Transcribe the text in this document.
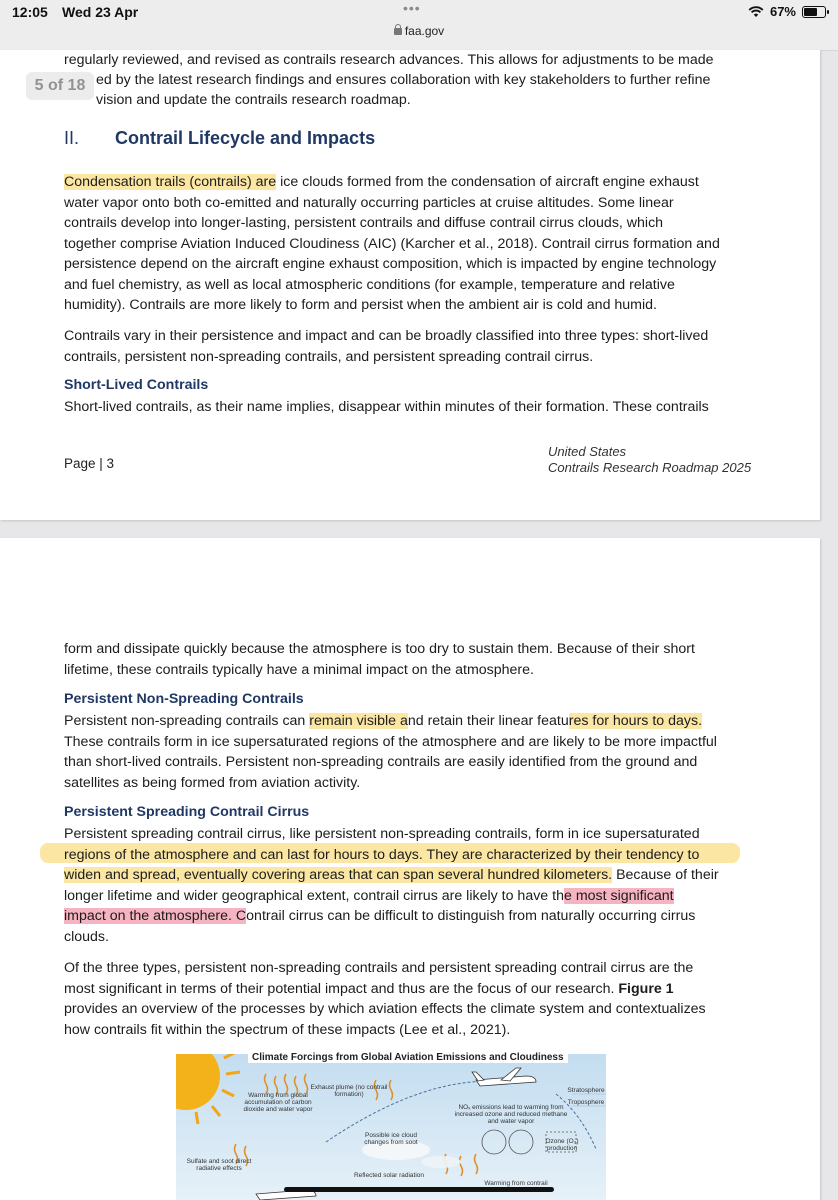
12:05 Wed 23 Apr	•••
faa.gov
67%

regularly reviewed, and revised as contrails research advances. This allows for adjustments to be made

ed by the latest research findings and ensures collaboration with key stakeholders to further refine

vision and update the contrails research roadmap.

5 of 18
II. Contrail Lifecycle and Impacts

Condensation trails (contrails) are ice clouds formed from the condensation of aircraft engine exhaust

water vapor onto both co-emitted and naturally occurring particles at cruise altitudes. Some linear

contrails develop into longer-lasting, persistent contrails and diffuse contrail cirrus clouds, which

together comprise Aviation Induced Cloudiness (AIC) (Karcher et al., 2018). Contrail cirrus formation and

persistence depend on the aircraft engine exhaust composition, which is impacted by engine technology

and fuel chemistry, as well as local atmospheric conditions (for example, temperature and relative

humidity). Contrails are more likely to form and persist when the ambient air is cold and humid.

Contrails vary in their persistence and impact and can be broadly classified into three types: short-lived

contrails, persistent non-spreading contrails, and persistent spreading contrail cirrus.

Short-Lived Contrails

Short-lived contrails, as their name implies, disappear within minutes of their formation. These contrails

Page | 3
United States
Contrails Research Roadmap 2025

form and dissipate quickly because the atmosphere is too dry to sustain them. Because of their short

lifetime, these contrails typically have a minimal impact on the atmosphere.

Persistent Non-Spreading Contrails

Persistent non-spreading contrails can remain visible and retain their linear features for hours to days.

These contrails form in ice supersaturated regions of the atmosphere and are likely to be more impactful

than short-lived contrails. Persistent non-spreading contrails are easily identified from the ground and

satellites as being formed from aviation activity.

Persistent Spreading Contrail Cirrus

Persistent spreading contrail cirrus, like persistent non-spreading contrails, form in ice supersaturated

regions of the atmosphere and can last for hours to days. They are characterized by their tendency to

widen and spread, eventually covering areas that can span several hundred kilometers. Because of their

longer lifetime and wider geographical extent, contrail cirrus are likely to have the most significant

impact on the atmosphere. Contrail cirrus can be difficult to distinguish from naturally occurring cirrus

clouds.

Of the three types, persistent non-spreading contrails and persistent spreading contrail cirrus are the

most significant in terms of their potential impact and thus are the focus of our research. Figure 1

provides an overview of the processes by which aviation effects the climate system and contextualizes

how contrails fit within the spectrum of these impacts (Lee et al., 2021).

Warming from global accumulation of carbon dioxide and water vapor
Exhaust plume (no contrail formation)
Stratosphere
Troposphere
NOₓ emissions lead to warming from increased ozone and reduced methane and water vapor
Possible ice cloud changes from soot	Ozone (O₃) production
Sulfate and soot direct radiative effects
Reflected solar radiation
Warming from contrail
Climate Forcings from Global Aviation Emissions and Cloudiness
